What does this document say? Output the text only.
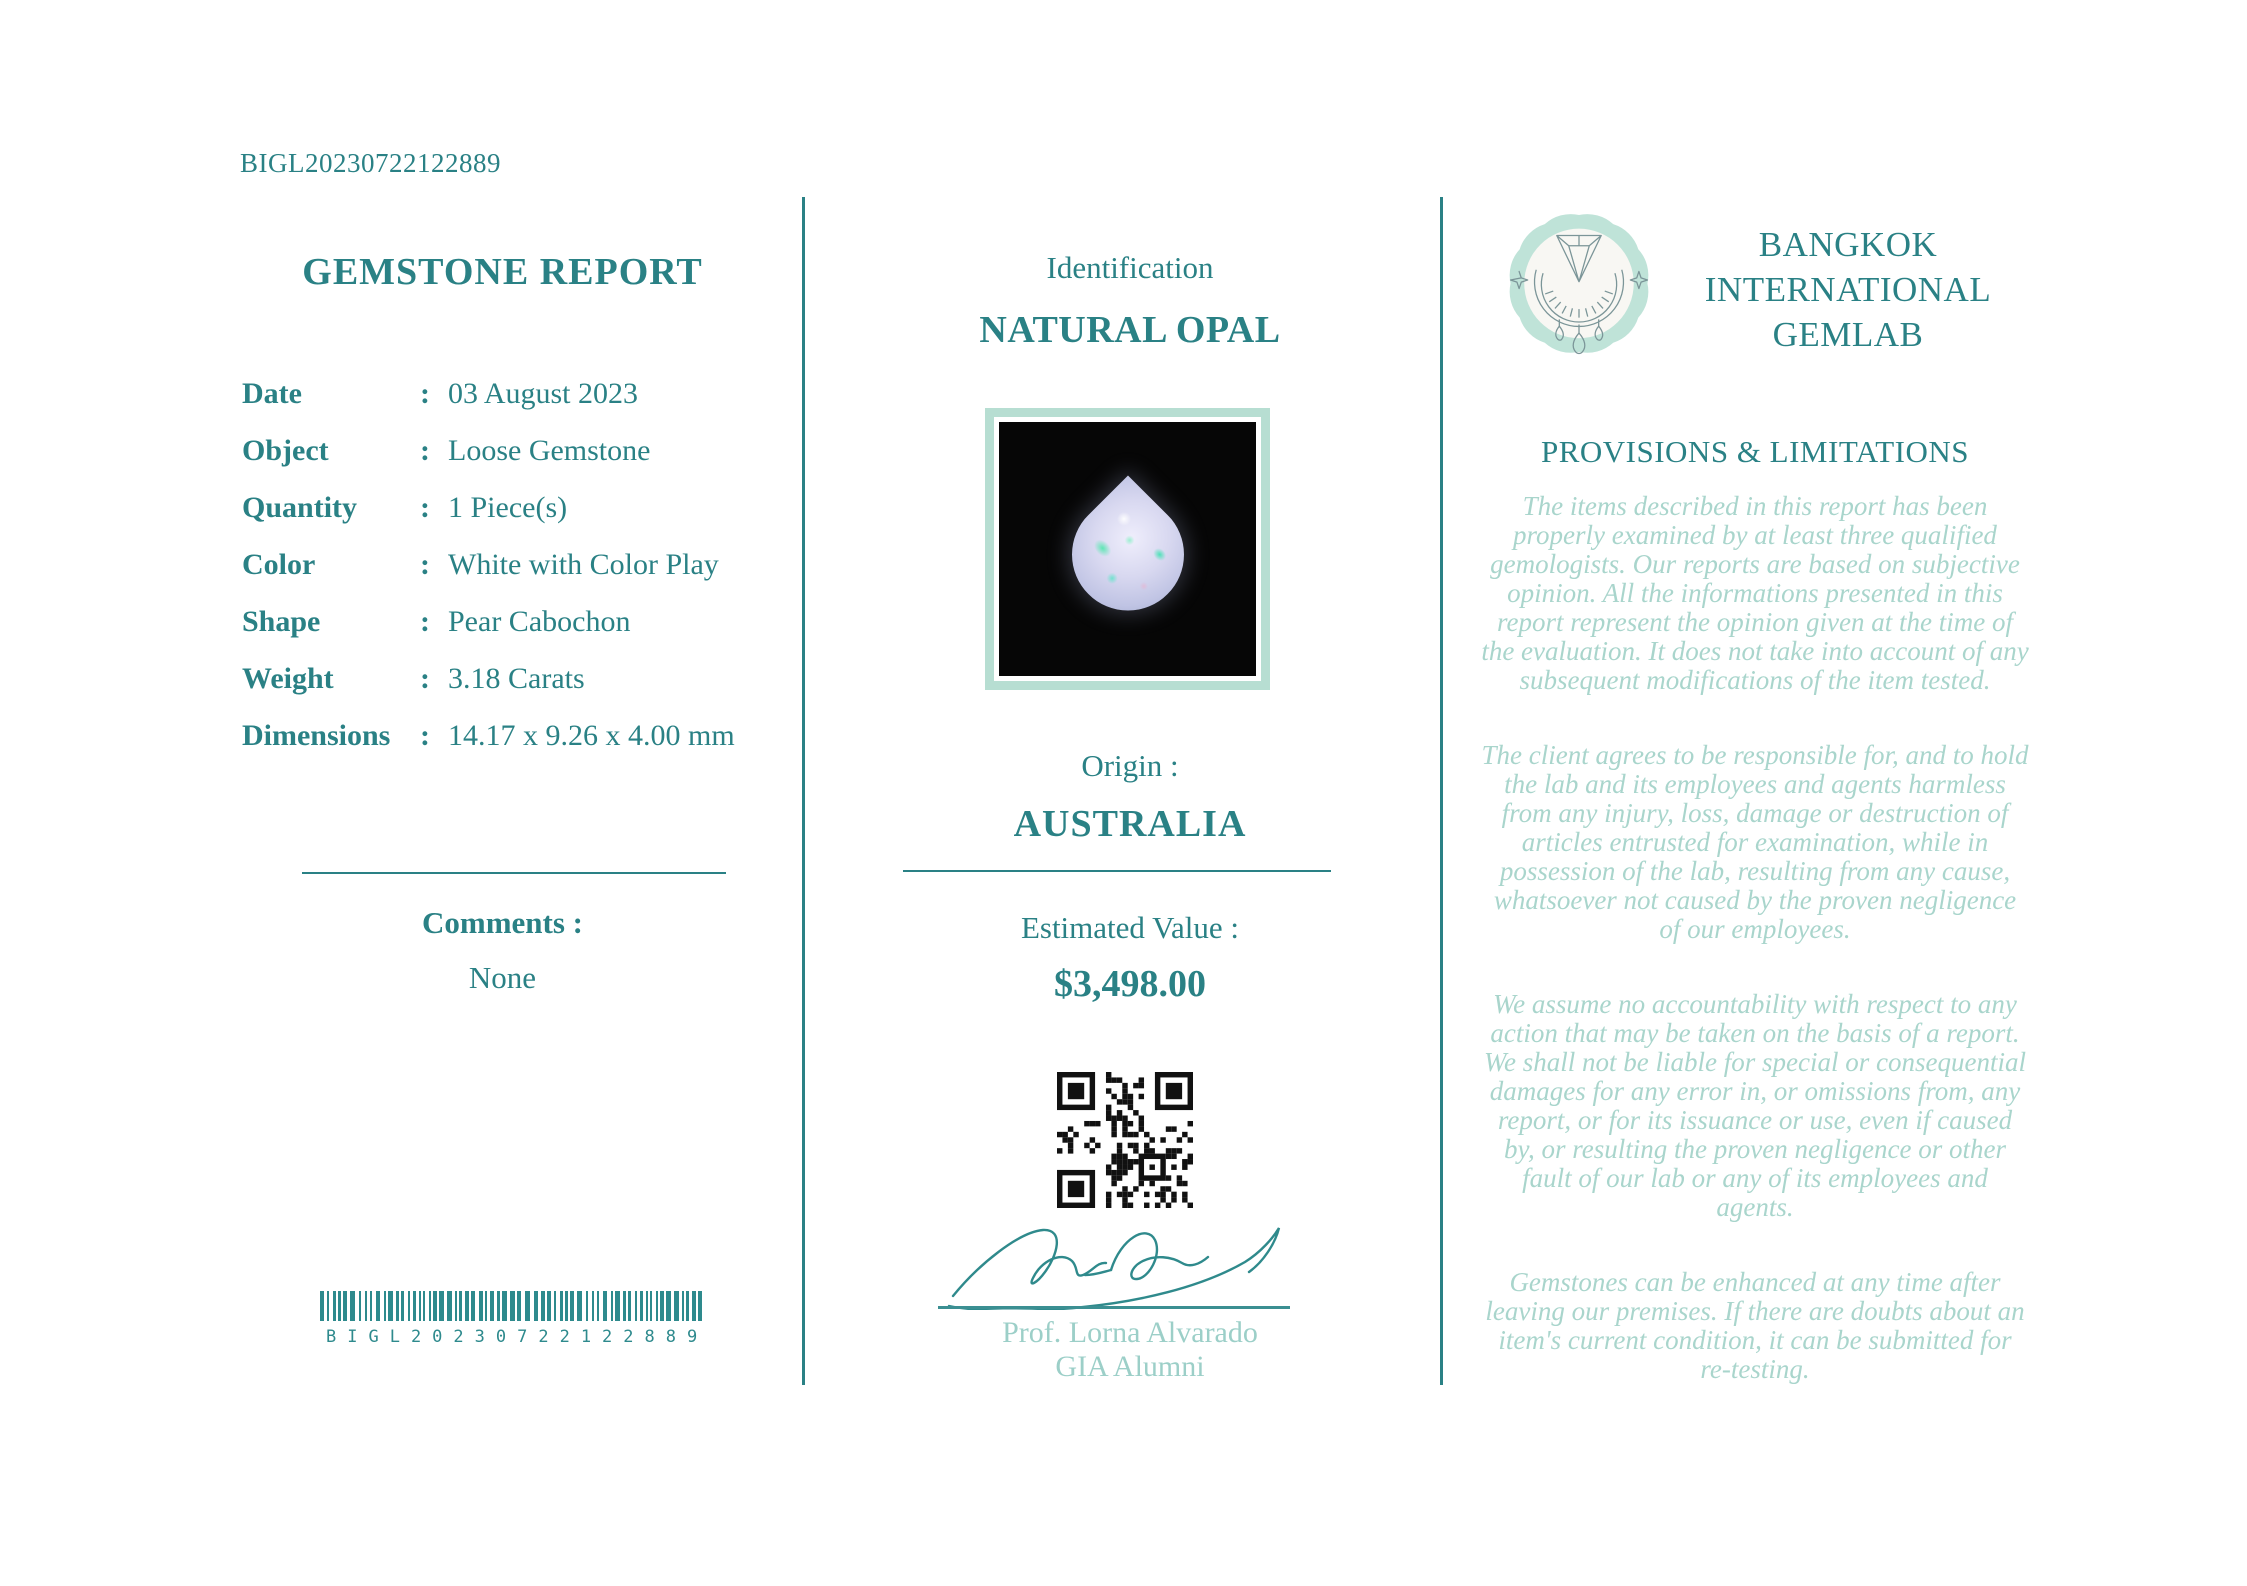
BIGL20230722122889
GEMSTONE REPORT
Date	: 03 August 2023
Object	: Loose Gemstone
Quantity	: 1 Piece(s)
Color	: White with Color Play
Shape	: Pear Cabochon
Weight	: 3.18 Carats
Dimensions : 14.17 x 9.26 x 4.00 mm
Comments :
None
BIGL20230722122889
Identification
NATURAL OPAL
Origin :
AUSTRALIA
Estimated Value :
$3,498.00
Prof. Lorna Alvarado
GIA Alumni
BANGKOK
INTERNATIONAL
GEMLAB
PROVISIONS & LIMITATIONS

The items described in this report has been properly examined by at least three qualified gemologists. Our reports are based on subjective opinion. All the informations presented in this report represent the opinion given at the time of the evaluation. It does not take into account of any subsequent modifications of the item tested.

The client agrees to be responsible for, and to hold the lab and its employees and agents harmless from any injury, loss, damage or destruction of articles entrusted for examination, while in possession of the lab, resulting from any cause, whatsoever not caused by the proven negligence of our employees.

We assume no accountability with respect to any action that may be taken on the basis of a report. We shall not be liable for special or consequential damages for any error in, or omissions from, any report, or for its issuance or use, even if caused by, or resulting the proven negligence or other fault of our lab or any of its employees and agents.

Gemstones can be enhanced at any time after leaving our premises. If there are doubts about an item's current condition, it can be submitted for re-testing.
